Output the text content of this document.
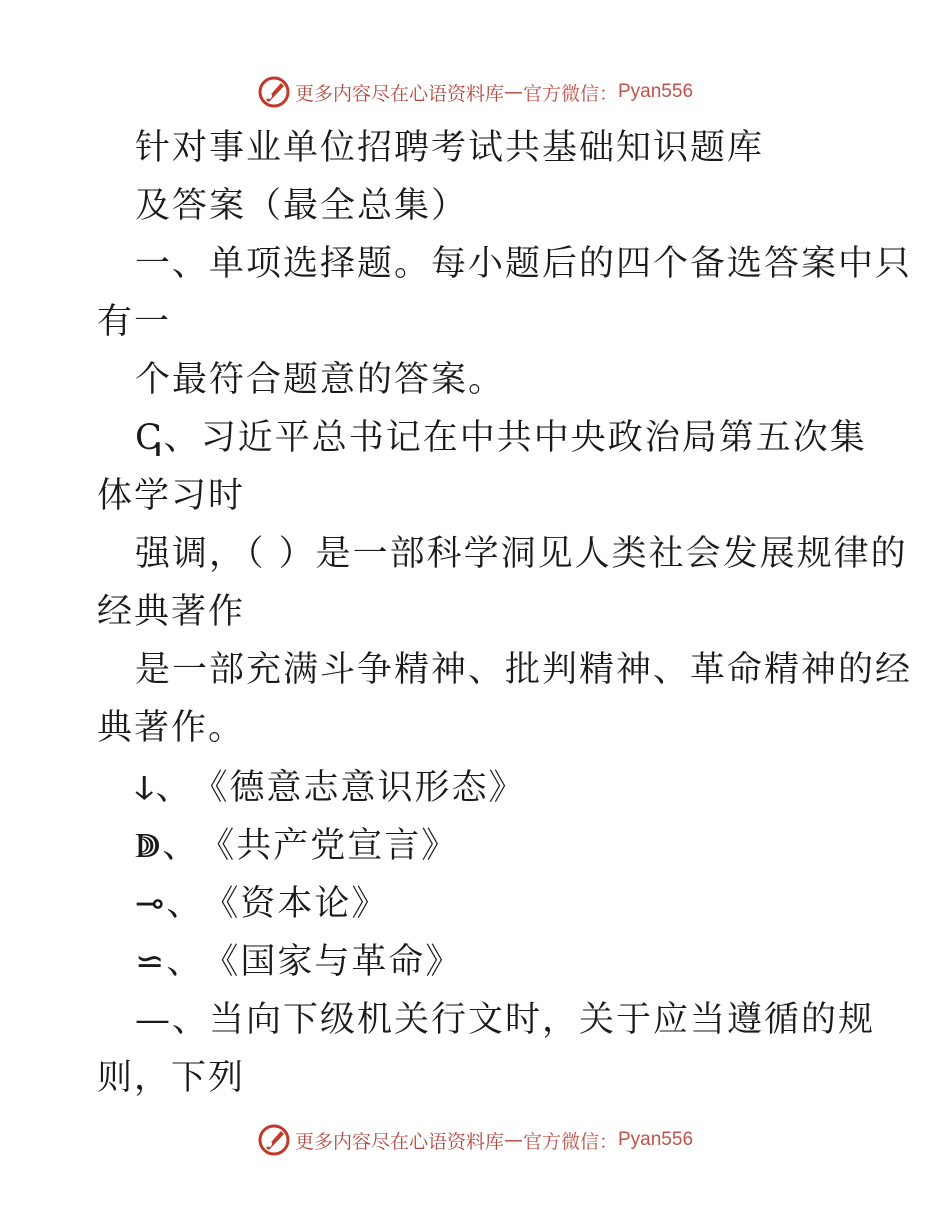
更多内容尽在心语资料库 — 官方微信： Pyan556
针对事业单位招聘考试共基础知识题库
及答案（最全总集）
一、单项选择题。每小题后的四个备选答案中只
有一
个最符合题意的答案。
ↅ、习近平总书记在中共中央政治局第五次集
体学习时
强调，（ ）是一部科学洞见人类社会发展规律的
经典著作
是一部充满斗争精神、批判精神、革命精神的经
典著作。
ↆ、《德意志意识形态》
ↇ、《共产党宣言》
⊸、《资本论》
⋍、《国家与革命》
—、当向下级机关行文时，关于应当遵循的规
则，下列
更多内容尽在心语资料库 — 官方微信： Pyan556
